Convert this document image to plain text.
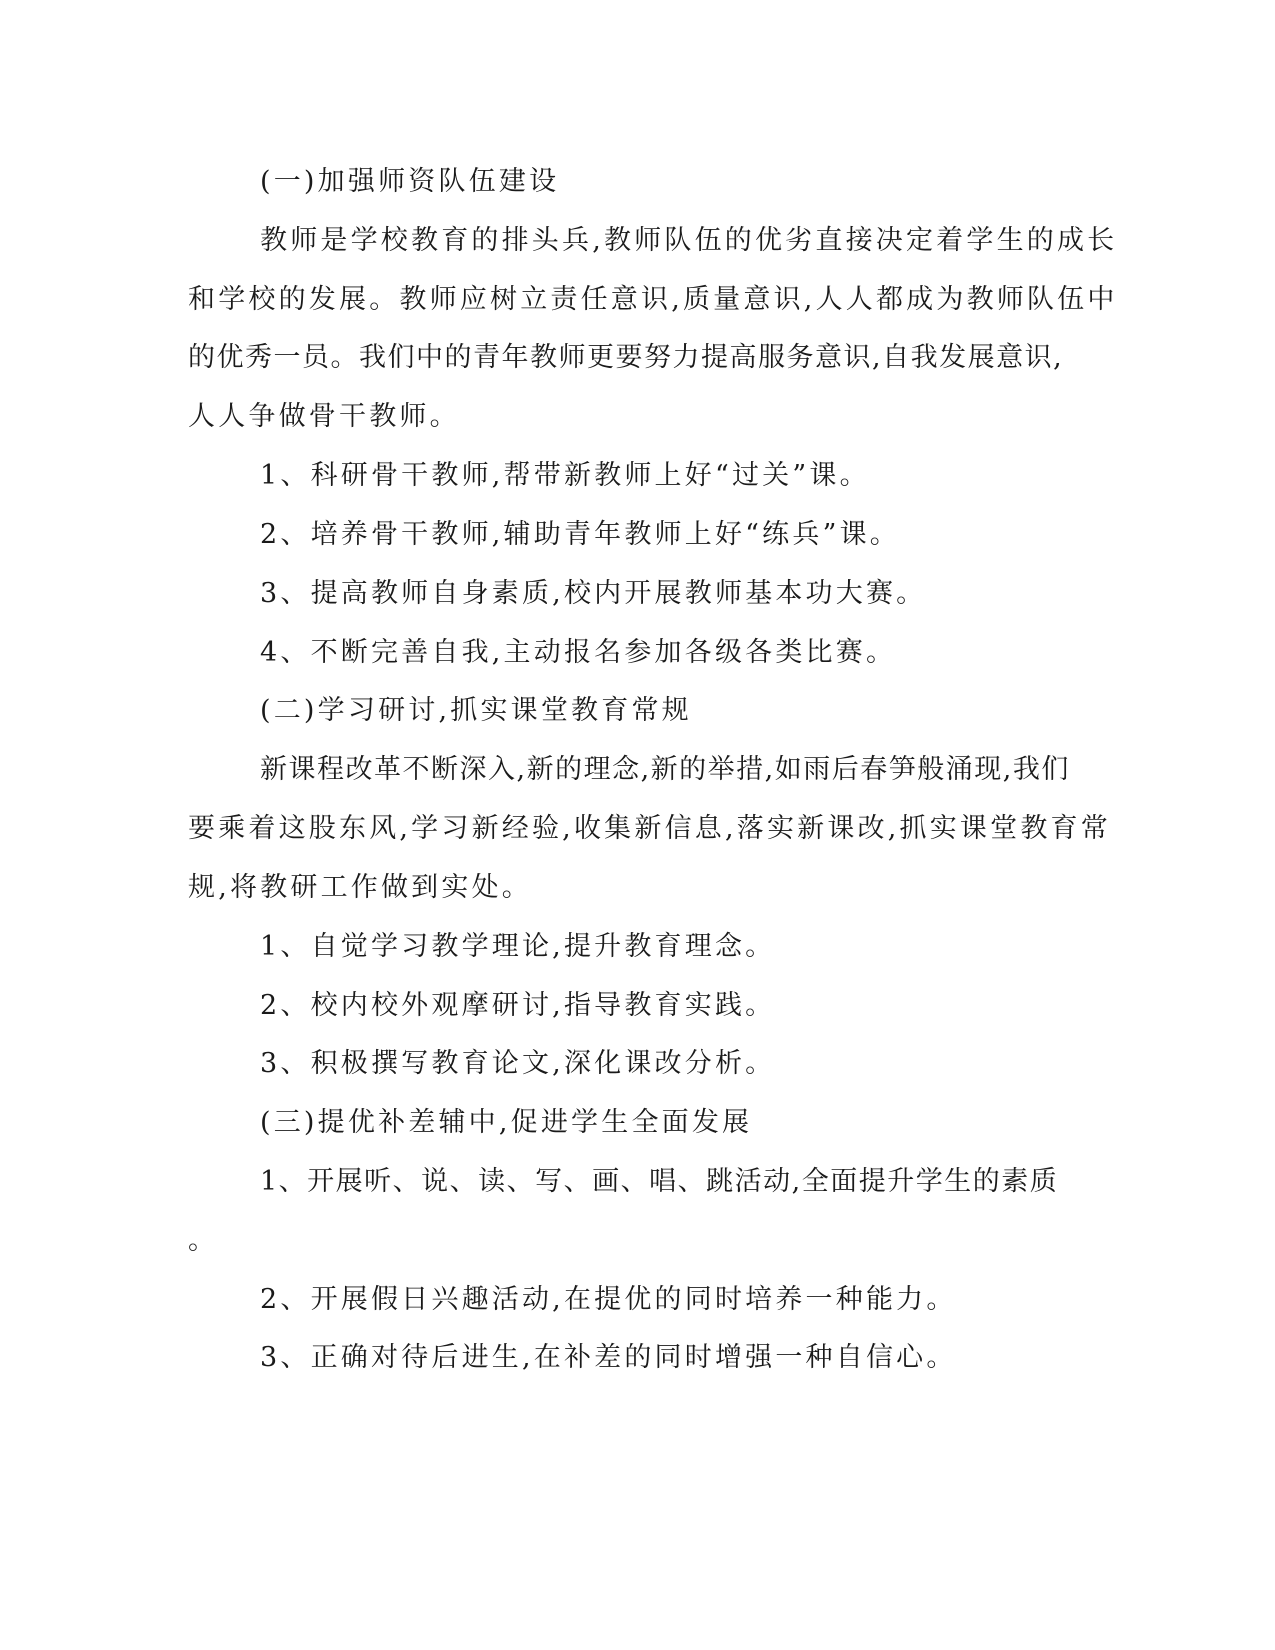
(一)加强师资队伍建设
教师是学校教育的排头兵,教师队伍的优劣直接决定着学生的成长
和学校的发展。教师应树立责任意识,质量意识,人人都成为教师队伍中
的优秀一员。我们中的青年教师更要努力提高服务意识,自我发展意识,
人人争做骨干教师。
1、科研骨干教师,帮带新教师上好“过关”课。
2、培养骨干教师,辅助青年教师上好“练兵”课。
3、提高教师自身素质,校内开展教师基本功大赛。
4、不断完善自我,主动报名参加各级各类比赛。
(二)学习研讨,抓实课堂教育常规
新课程改革不断深入,新的理念,新的举措,如雨后春笋般涌现,我们
要乘着这股东风,学习新经验,收集新信息,落实新课改,抓实课堂教育常
规,将教研工作做到实处。
1、自觉学习教学理论,提升教育理念。
2、校内校外观摩研讨,指导教育实践。
3、积极撰写教育论文,深化课改分析。
(三)提优补差辅中,促进学生全面发展
1、开展听、说、读、写、画、唱、跳活动,全面提升学生的素质
。
2、开展假日兴趣活动,在提优的同时培养一种能力。
3、正确对待后进生,在补差的同时增强一种自信心。
